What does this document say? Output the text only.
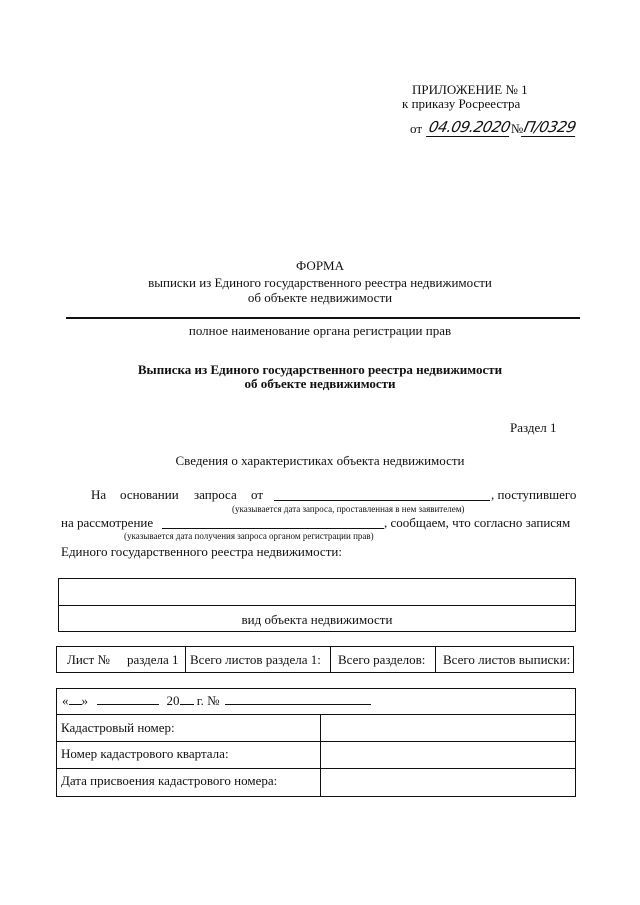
ПРИЛОЖЕНИЕ № 1
к приказу Росреестра
от 04.09.2020
№ П/0329
ФОРМА
выписки из Единого государственного реестра недвижимости
об объекте недвижимости
полное наименование органа регистрации прав
Выписка из Единого государственного реестра недвижимости
об объекте недвижимости
Раздел 1
Сведения о характеристиках объекта недвижимости
На основании запроса от	, поступившего
(указывается дата запроса, проставленная в нем заявителем)
на рассмотрение	, сообщаем, что согласно записям
(указывается дата получения запроса органом регистрации прав)
Единого государственного реестра недвижимости:
вид объекта недвижимости
Лист № раздела 1 Всего листов раздела 1: Всего разделов: Всего листов выписки:
« »	20 г. №
Кадастровый номер:
Номер кадастрового квартала:
Дата присвоения кадастрового номера:
